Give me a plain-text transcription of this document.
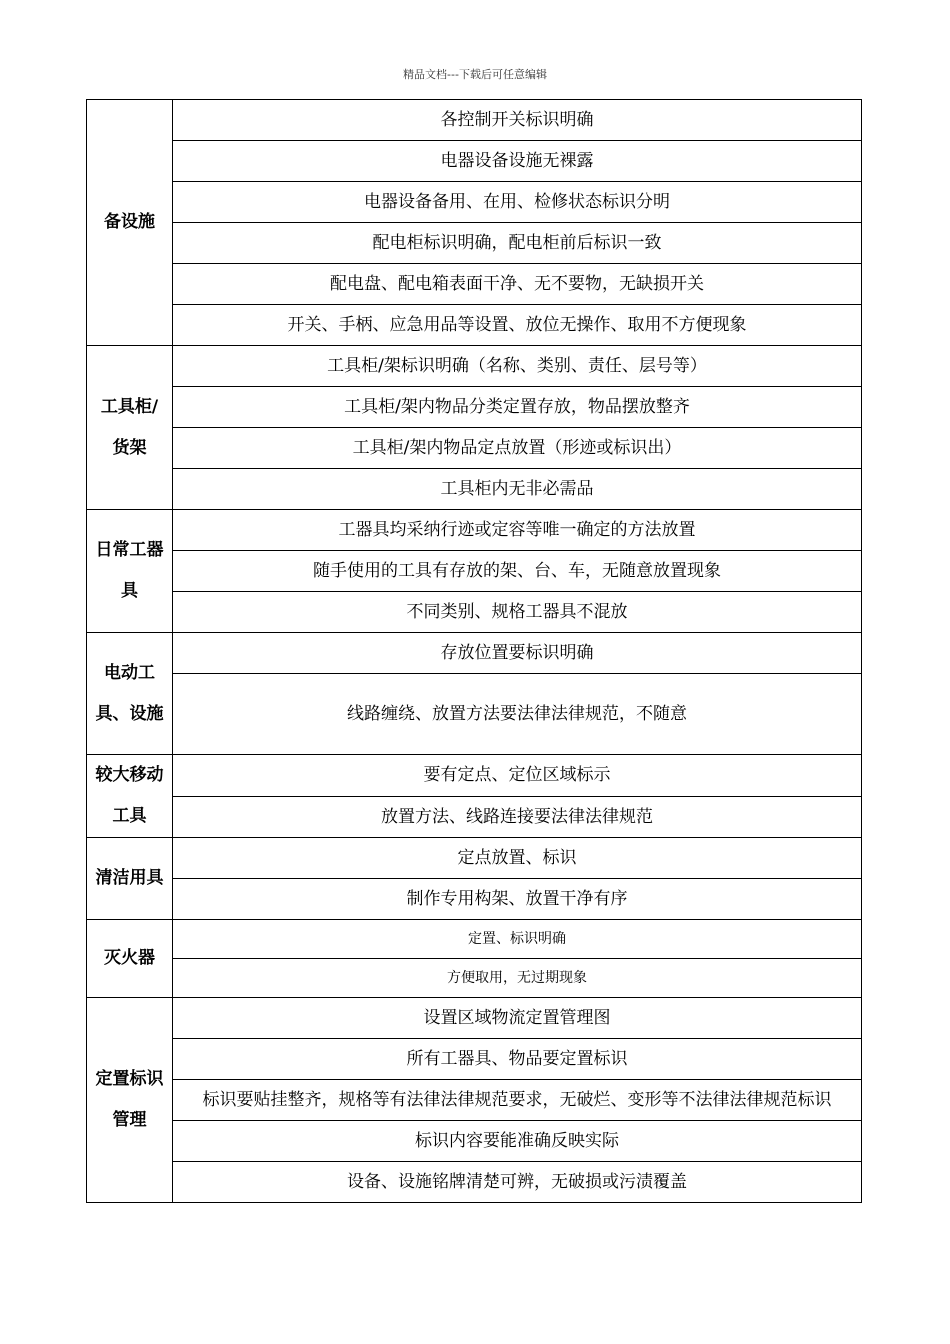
精品文档---下载后可任意编辑
备设施	各控制开关标识明确
	电器设备设施无裸露
	电器设备备用、在用、检修状态标识分明
	配电柜标识明确，配电柜前后标识一致
	配电盘、配电箱表面干净、无不要物，无缺损开关
	开关、手柄、应急用品等设置、放位无操作、取用不方便现象
工具柜/货架	工具柜/架标识明确（名称、类别、责任、层号等）
	工具柜/架内物品分类定置存放，物品摆放整齐
	工具柜/架内物品定点放置（形迹或标识出）
	工具柜内无非必需品
日常工器具	工器具均采纳行迹或定容等唯一确定的方法放置
	随手使用的工具有存放的架、台、车，无随意放置现象
	不同类别、规格工器具不混放
电动工具、设施	存放位置要标识明确
	线路缠绕、放置方法要法律法律规范，不随意
较大移动工具	要有定点、定位区域标示
	放置方法、线路连接要法律法律规范
清洁用具	定点放置、标识
	制作专用构架、放置干净有序
灭火器	定置、标识明确
	方便取用，无过期现象
定置标识管理	设置区域物流定置管理图
	所有工器具、物品要定置标识
	标识要贴挂整齐，规格等有法律法律规范要求，无破烂、变形等不法律法律规范标识
	标识内容要能准确反映实际
	设备、设施铭牌清楚可辨，无破损或污渍覆盖
